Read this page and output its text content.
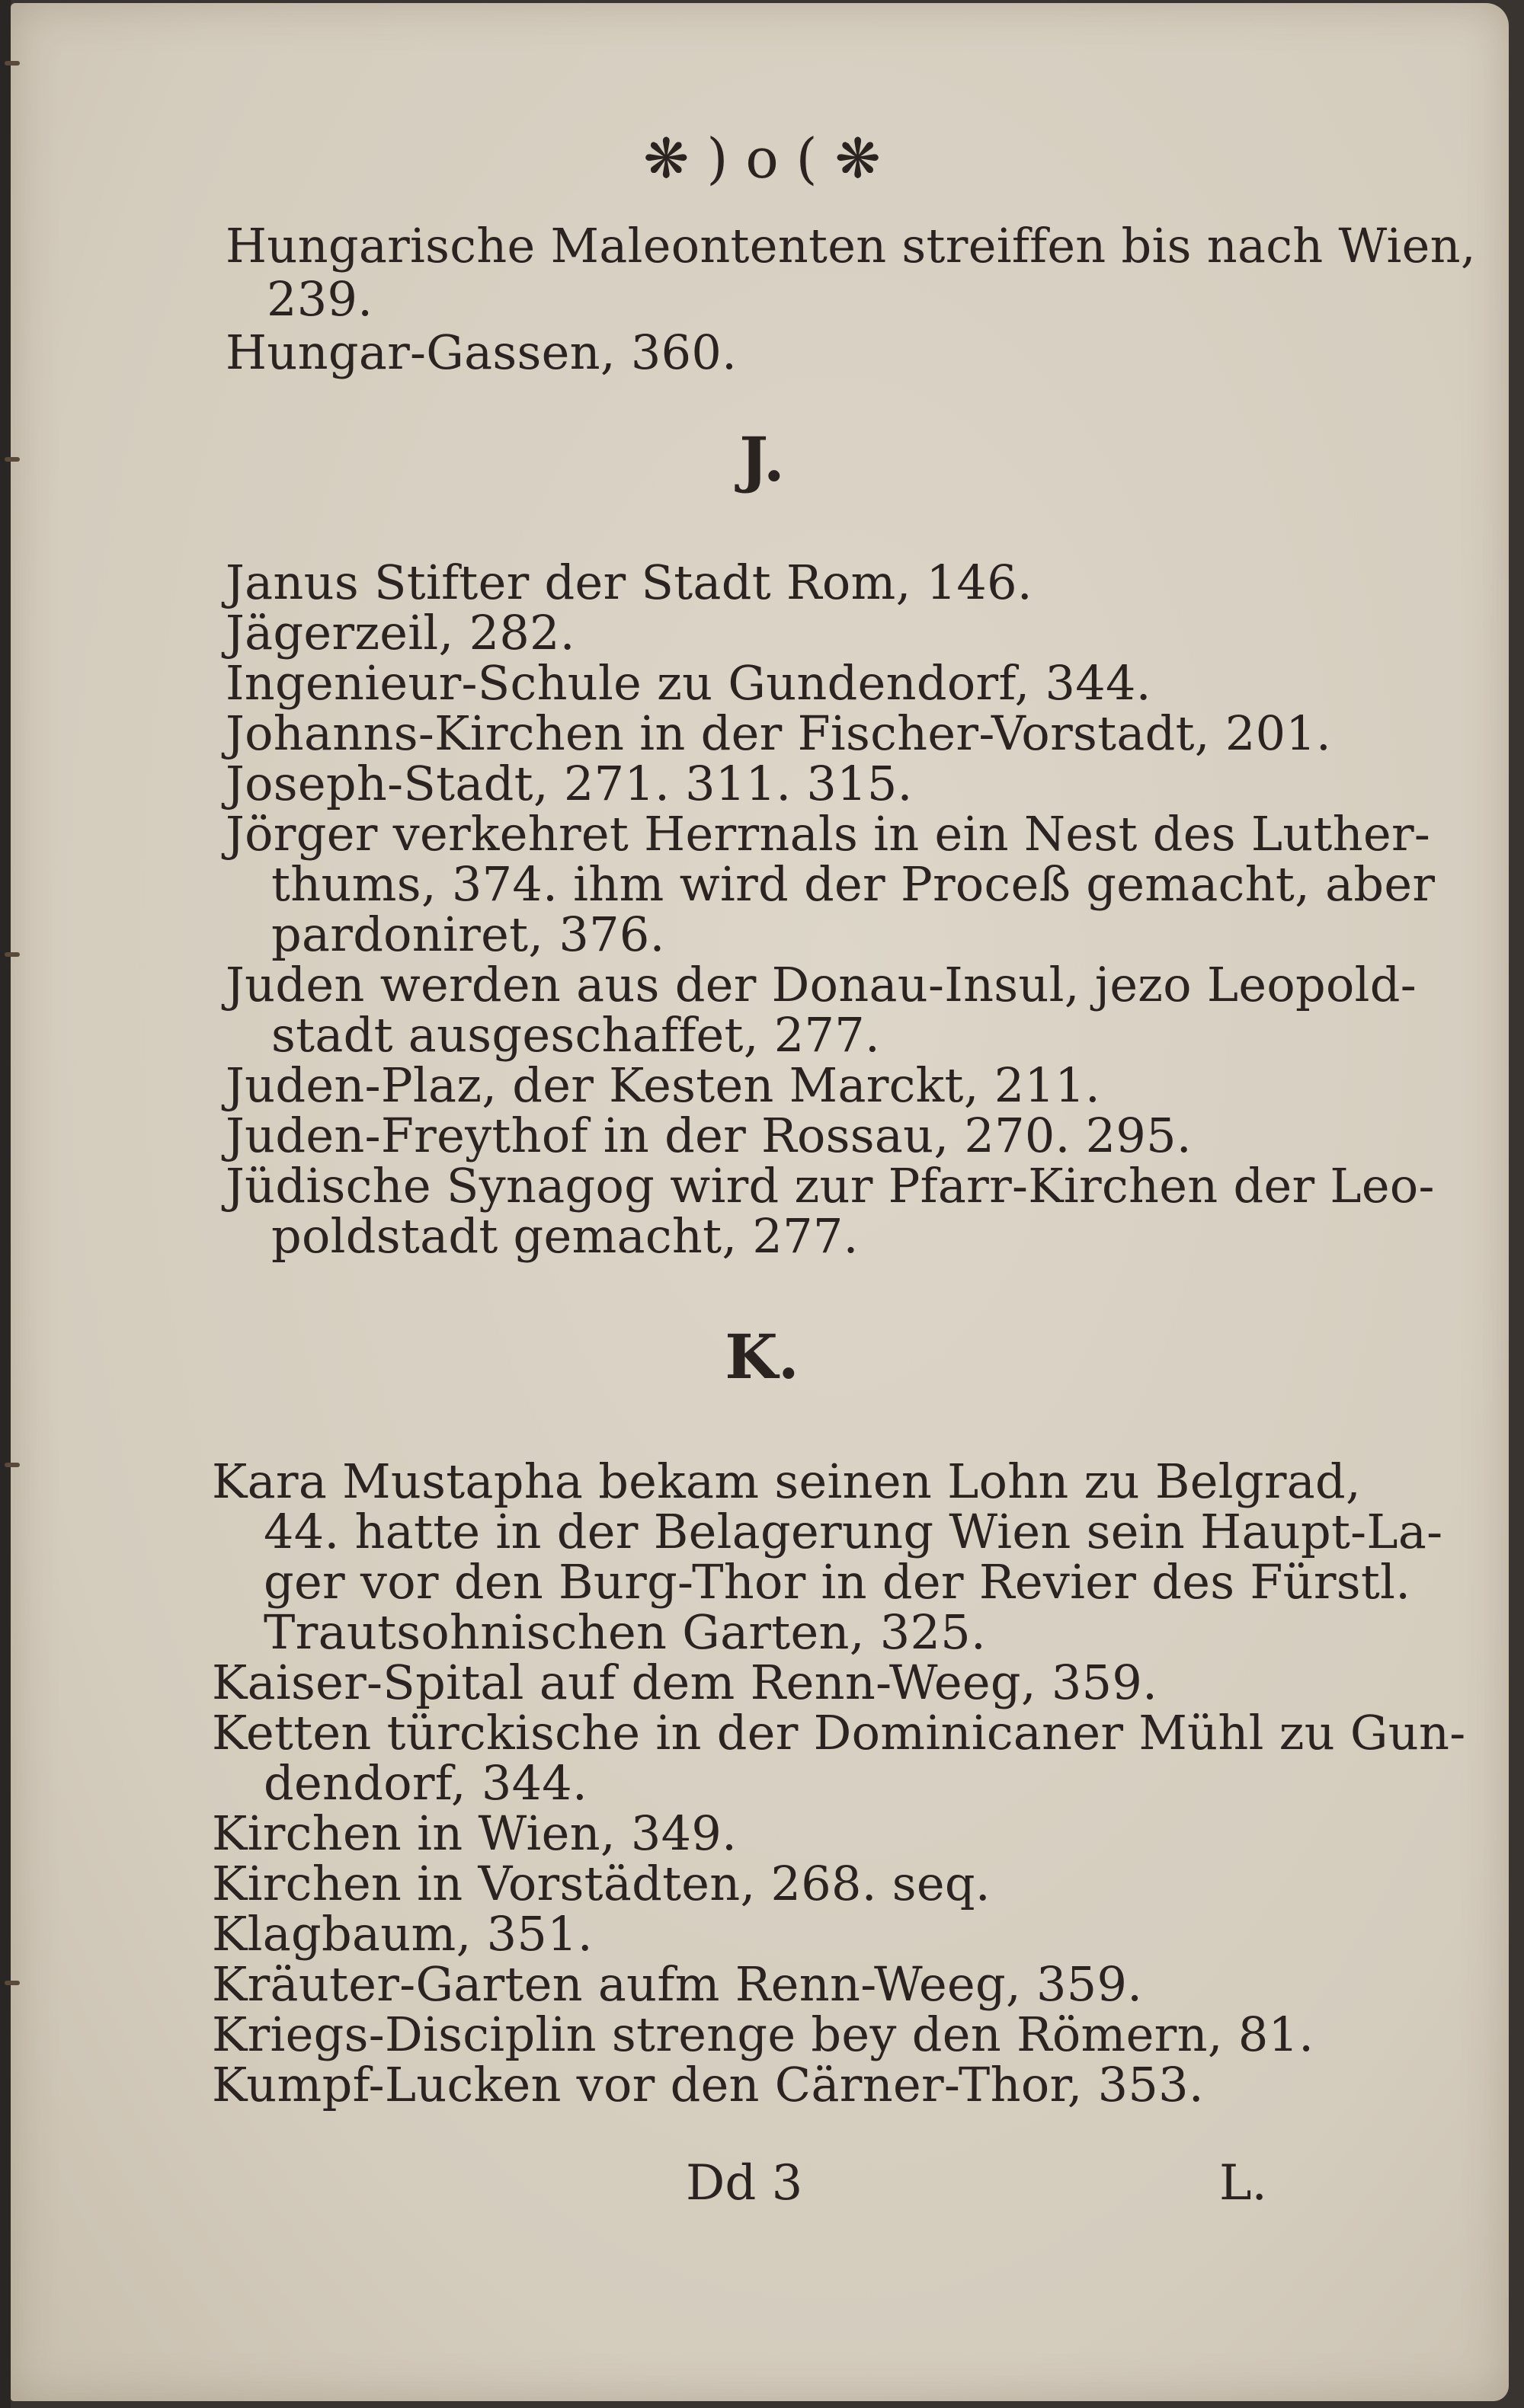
❋ ) o ( ❋
Hungarische Maleontenten streiffen bis nach Wien,
239.
Hungar-Gassen, 360.
J.
Janus Stifter der Stadt Rom, 146.
Jägerzeil, 282.
Ingenieur-Schule zu Gundendorf, 344.
Johanns-Kirchen in der Fischer-Vorstadt, 201.
Joseph-Stadt, 271. 311. 315.
Jörger verkehret Herrnals in ein Nest des Luther-
thums, 374. ihm wird der Proceß gemacht, aber
pardoniret, 376.
Juden werden aus der Donau-Insul, jezo Leopold-
stadt ausgeschaffet, 277.
Juden-Plaz, der Kesten Marckt, 211.
Juden-Freythof in der Rossau, 270. 295.
Jüdische Synagog wird zur Pfarr-Kirchen der Leo-
poldstadt gemacht, 277.
K.
Kara Mustapha bekam seinen Lohn zu Belgrad,
44. hatte in der Belagerung Wien sein Haupt-La-
ger vor den Burg-Thor in der Revier des Fürstl.
Trautsohnischen Garten, 325.
Kaiser-Spital auf dem Renn-Weeg, 359.
Ketten türckische in der Dominicaner Mühl zu Gun-
dendorf, 344.
Kirchen in Wien, 349.
Kirchen in Vorstädten, 268. seq.
Klagbaum, 351.
Kräuter-Garten aufm Renn-Weeg, 359.
Kriegs-Disciplin strenge bey den Römern, 81.
Kumpf-Lucken vor den Cärner-Thor, 353.
Dd 3	L.
